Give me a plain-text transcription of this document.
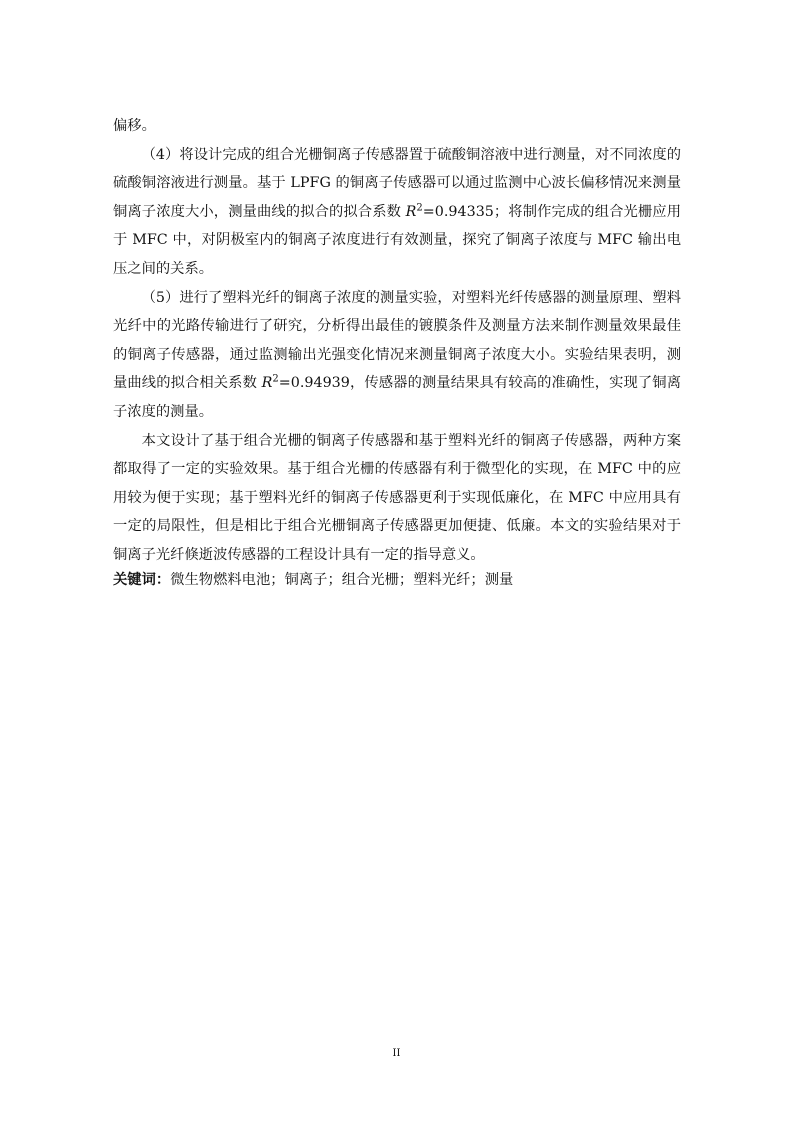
偏移。

（4）将设计完成的组合光栅铜离子传感器置于硫酸铜溶液中进行测量，对不同浓度的硫酸铜溶液进行测量。基于 LPFG 的铜离子传感器可以通过监测中心波长偏移情况来测量铜离子浓度大小，测量曲线的拟合的拟合系数 $R^2=0.94335$；将制作完成的组合光栅应用于 MFC 中，对阴极室内的铜离子浓度进行有效测量，探究了铜离子浓度与 MFC 输出电压之间的关系。

（5）进行了塑料光纤的铜离子浓度的测量实验，对塑料光纤传感器的测量原理、塑料光纤中的光路传输进行了研究，分析得出最佳的镀膜条件及测量方法来制作测量效果最佳的铜离子传感器，通过监测输出光强变化情况来测量铜离子浓度大小。实验结果表明，测量曲线的拟合相关系数 $R^2=0.94939$，传感器的测量结果具有较高的准确性，实现了铜离子浓度的测量。

本文设计了基于组合光栅的铜离子传感器和基于塑料光纤的铜离子传感器，两种方案都取得了一定的实验效果。基于组合光栅的传感器有利于微型化的实现，在 MFC 中的应用较为便于实现；基于塑料光纤的铜离子传感器更利于实现低廉化，在 MFC 中应用具有一定的局限性，但是相比于组合光栅铜离子传感器更加便捷、低廉。本文的实验结果对于铜离子光纤倏逝波传感器的工程设计具有一定的指导意义。

关键词：微生物燃料电池；铜离子；组合光栅；塑料光纤；测量
II
